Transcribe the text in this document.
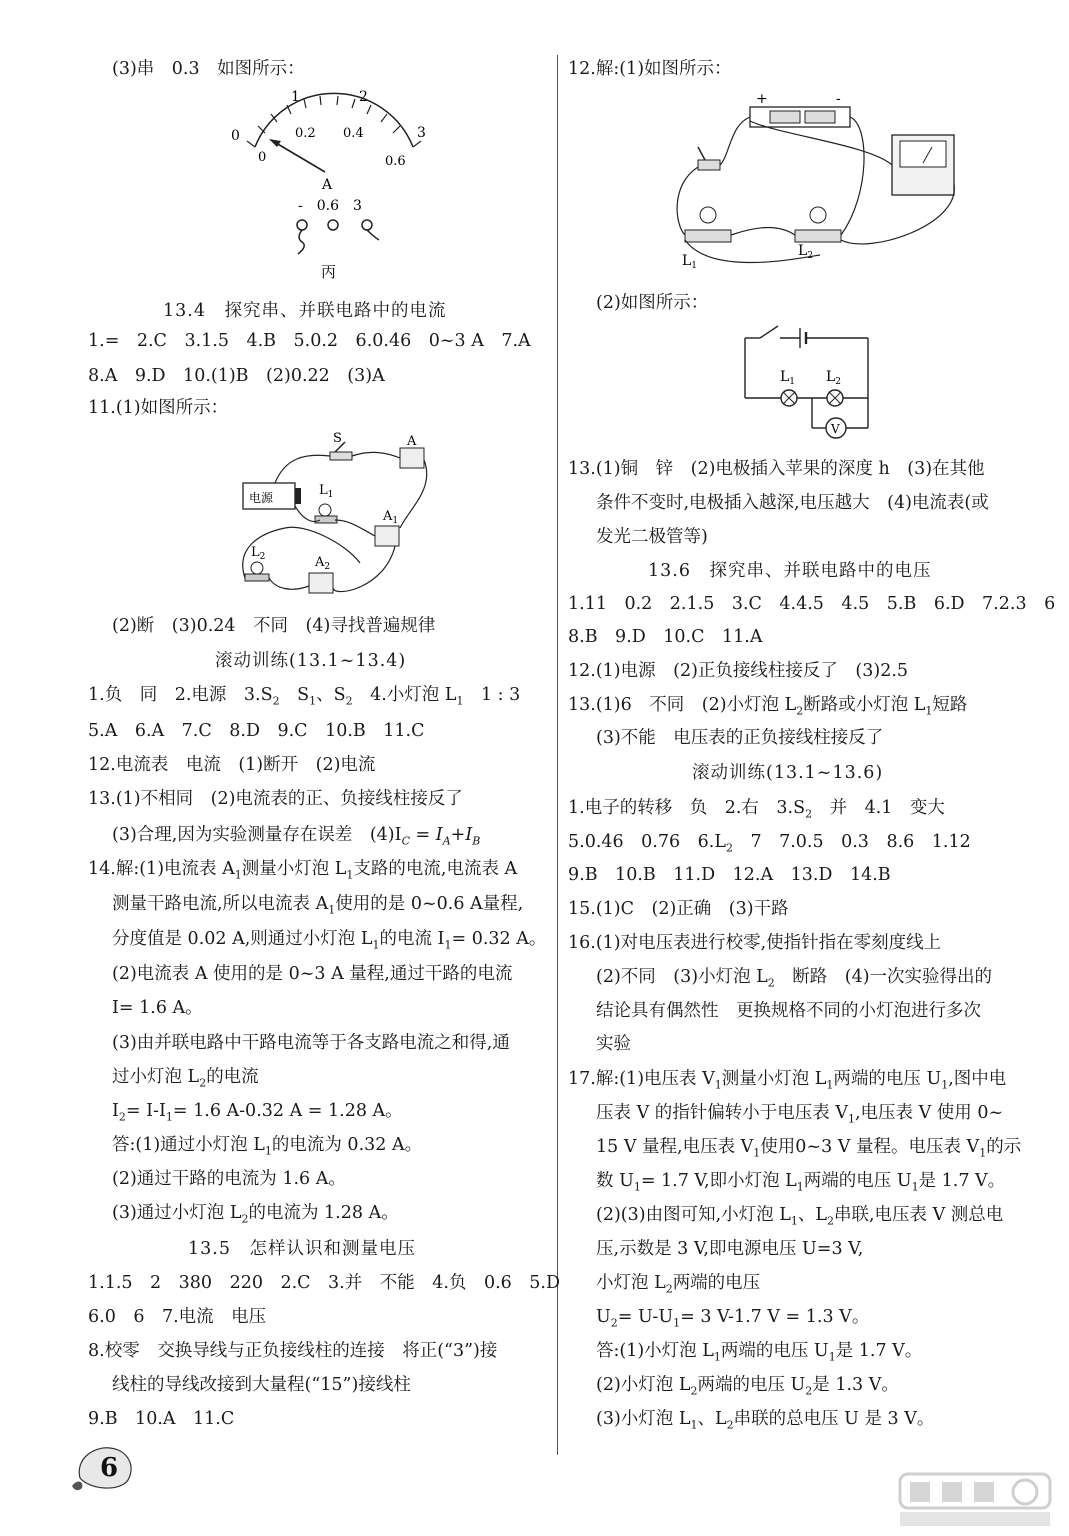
(3)串　0.3　如图所示：
0
1	2
3
0
0.2 0.4
0.6
A
-　0.6　3
丙
13.4　探究串、并联电路中的电流
1.=　2.C　3.1.5　4.B　5.0.2　6.0.46　0~3 A　7.A
8.A　9.D　10.(1)B　(2)0.22　(3)A
11.(1)如图所示：
电源
S	A
$L_1$
$A_1$
$L_2$	$A_2$
(2)断　(3)0.24　不同　(4)寻找普遍规律
滚动训练(13.1~13.4)
1.负　同　2.电源　$3.S_2$　 $S_1$、$S_2$　 4.小灯泡 $L_1$　 1 : 3
5.A　6.A　7.C　8.D　9.C　10.B　11.C
12.电流表　电流　(1)断开　(2)电流
13.(1)不相同　(2)电流表的正、负接线柱接反了
(3)合理,因为实验测量存在误差　$(4)I_C = I_A+I_B$
14.解:(1)电流表 $A_1$测量小灯泡 $L_1$支路的电流,电流表 A
测量干路电流,所以电流表 $A_1$使用的是 0~0.6 A量程,
分度值是 0.02 A,则通过小灯泡 $L_1$的电流 $I_1= 0.32$ A。
(2)电流表 A 使用的是 0~3 A 量程,通过干路的电流
I= 1.6 A。
(3)由并联电路中干路电流等于各支路电流之和得,通
过小灯泡 $L_2$的电流
$I_2= I-I_1= 1.6$ A-0.32 A = 1.28 A。
答:(1)通过小灯泡 $L_1$的电流为 0.32 A。
(2)通过干路的电流为 1.6 A。
(3)通过小灯泡 $L_2$的电流为 1.28 A。
13.5　怎样认识和测量电压
1.1.5　2　380　220　2.C　3.并　不能　4.负　0.6　5.D
6.0　6　7.电流　电压
8.校零　交换导线与正负接线柱的连接　将正(“3”)接
线柱的导线改接到大量程(“15”)接线柱
9.B　10.A　11.C
12.解:(1)如图所示：
+	-
$L_1$
$L_2$
(2)如图所示：
$L_1$ $L_2$
V
13.(1)铜　锌　(2)电极插入苹果的深度 h　(3)在其他
条件不变时,电极插入越深,电压越大　(4)电流表(或
发光二极管等)
13.6　探究串、并联电路中的电压
1.11　0.2　2.1.5　3.C　4.4.5　4.5　5.B　6.D　7.2.3　6
8.B　9.D　10.C　11.A
12.(1)电源　(2)正负接线柱接反了　(3)2.5
13.(1)6　不同　(2)小灯泡 $L_2$断路或小灯泡 $L_1$短路
(3)不能　电压表的正负接线柱接反了
滚动训练(13.1~13.6)
1.电子的转移　负　2.右　$3.S_2$　 并　4.1　变大
5.0.46　0.76　$6.L_2$　 7　7.0.5　0.3　8.6　1.12
9.B　10.B　11.D　12.A　13.D　14.B
15.(1)C　(2)正确　(3)干路
16.(1)对电压表进行校零,使指针指在零刻度线上
(2)不同　(3)小灯泡 $L_2$　 断路　(4)一次实验得出的
结论具有偶然性　更换规格不同的小灯泡进行多次
实验
17.解:(1)电压表 $V_1$测量小灯泡 $L_1$两端的电压 $U_1$,图中电
压表 V 的指针偏转小于电压表 $V_1$,电压表 V 使用 0~
15 V 量程,电压表 $V_1$使用0~3 V 量程。电压表 $V_1$的示
数 $U_1= 1.7$ V,即小灯泡 $L_1$两端的电压 $U_1$是 1.7 V。
(2)(3)由图可知,小灯泡 $L_1$、$L_2$串联,电压表 V 测总电
压,示数是 3 V,即电源电压 U=3 V,
小灯泡 $L_2$两端的电压
$U_2= U-U_1= 3$ V-1.7 V = 1.3 V。
答:(1)小灯泡 $L_1$两端的电压 $U_1$是 1.7 V。
(2)小灯泡 $L_2$两端的电压 $U_2$是 1.3 V。
(3)小灯泡 $L_1$、$L_2$串联的总电压 U 是 3 V。
6
